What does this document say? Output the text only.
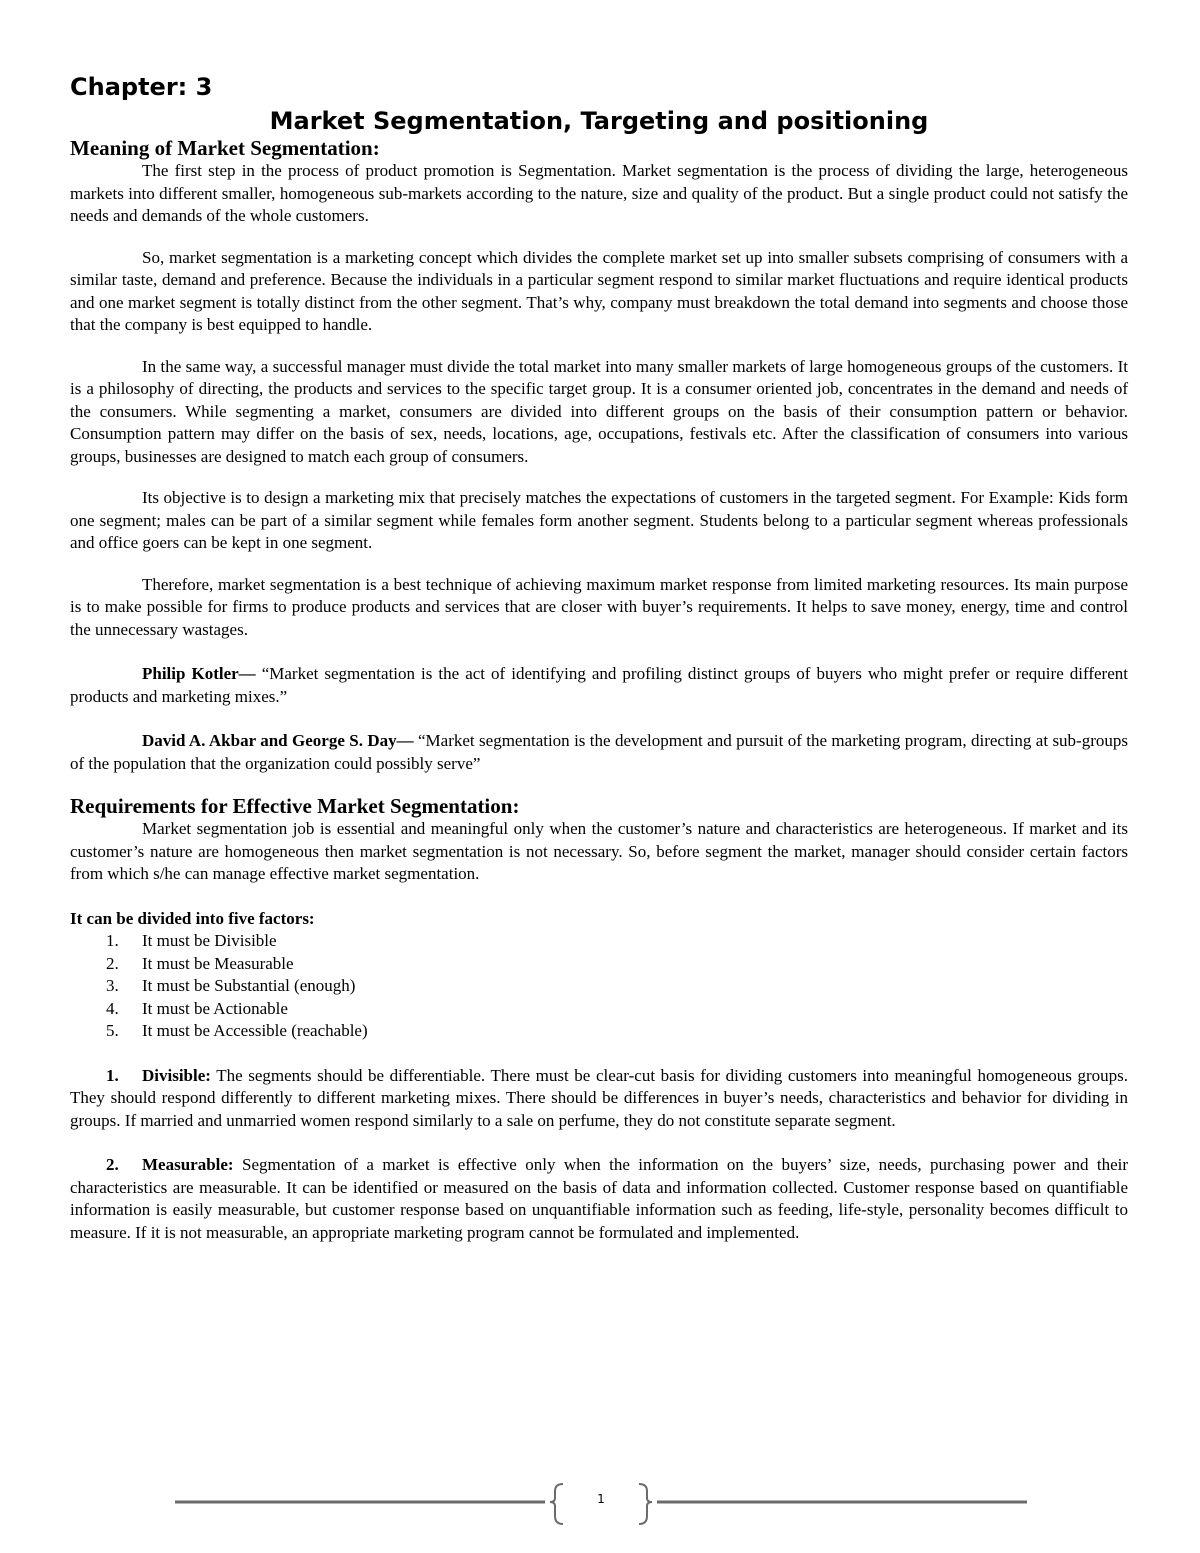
Chapter: 3
Market Segmentation, Targeting and positioning
Meaning of Market Segmentation:

The first step in the process of product promotion is Segmentation. Market segmentation is the process of dividing the large, heterogeneous markets into different smaller, homogeneous sub-markets according to the nature, size and quality of the product. But a single product could not satisfy the needs and demands of the whole customers.

So, market segmentation is a marketing concept which divides the complete market set up into smaller subsets comprising of consumers with a similar taste, demand and preference. Because the individuals in a particular segment respond to similar market fluctuations and require identical products and one market segment is totally distinct from the other segment. That’s why, company must breakdown the total demand into segments and choose those that the company is best equipped to handle.

In the same way, a successful manager must divide the total market into many smaller markets of large homogeneous groups of the customers. It is a philosophy of directing, the products and services to the specific target group. It is a consumer oriented job, concentrates in the demand and needs of the consumers. While segmenting a market, consumers are divided into different groups on the basis of their consumption pattern or behavior. Consumption pattern may differ on the basis of sex, needs, locations, age, occupations, festivals etc. After the classification of consumers into various groups, businesses are designed to match each group of consumers.

Its objective is to design a marketing mix that precisely matches the expectations of customers in the targeted segment. For Example: Kids form one segment; males can be part of a similar segment while females form another segment. Students belong to a particular segment whereas professionals and office goers can be kept in one segment.

Therefore, market segmentation is a best technique of achieving maximum market response from limited marketing resources. Its main purpose is to make possible for firms to produce products and services that are closer with buyer’s requirements. It helps to save money, energy, time and control the unnecessary wastages.

Philip Kotler— “Market segmentation is the act of identifying and profiling distinct groups of buyers who might prefer or require different products and marketing mixes.”

David A. Akbar and George S. Day— “Market segmentation is the development and pursuit of the marketing program, directing at sub-groups of the population that the organization could possibly serve”

Requirements for Effective Market Segmentation:

Market segmentation job is essential and meaningful only when the customer’s nature and characteristics are heterogeneous. If market and its customer’s nature are homogeneous then market segmentation is not necessary. So, before segment the market, manager should consider certain factors from which s/he can manage effective market segmentation.

It can be divided into five factors:
1.	It must be Divisible
2.	It must be Measurable
3.	It must be Substantial (enough)
4.	It must be Actionable
5.	It must be Accessible (reachable)

1. Divisible: The segments should be differentiable. There must be clear-cut basis for dividing customers into meaningful homogeneous groups. They should respond differently to different marketing mixes. There should be differences in buyer’s needs, characteristics and behavior for dividing in groups. If married and unmarried women respond similarly to a sale on perfume, they do not constitute separate segment.

2. Measurable: Segmentation of a market is effective only when the information on the buyers’ size, needs, purchasing power and their characteristics are measurable. It can be identified or measured on the basis of data and information collected. Customer response based on quantifiable information is easily measurable, but customer response based on unquantifiable information such as feeding, life-style, personality becomes difficult to measure. If it is not measurable, an appropriate marketing program cannot be formulated and implemented.

1
